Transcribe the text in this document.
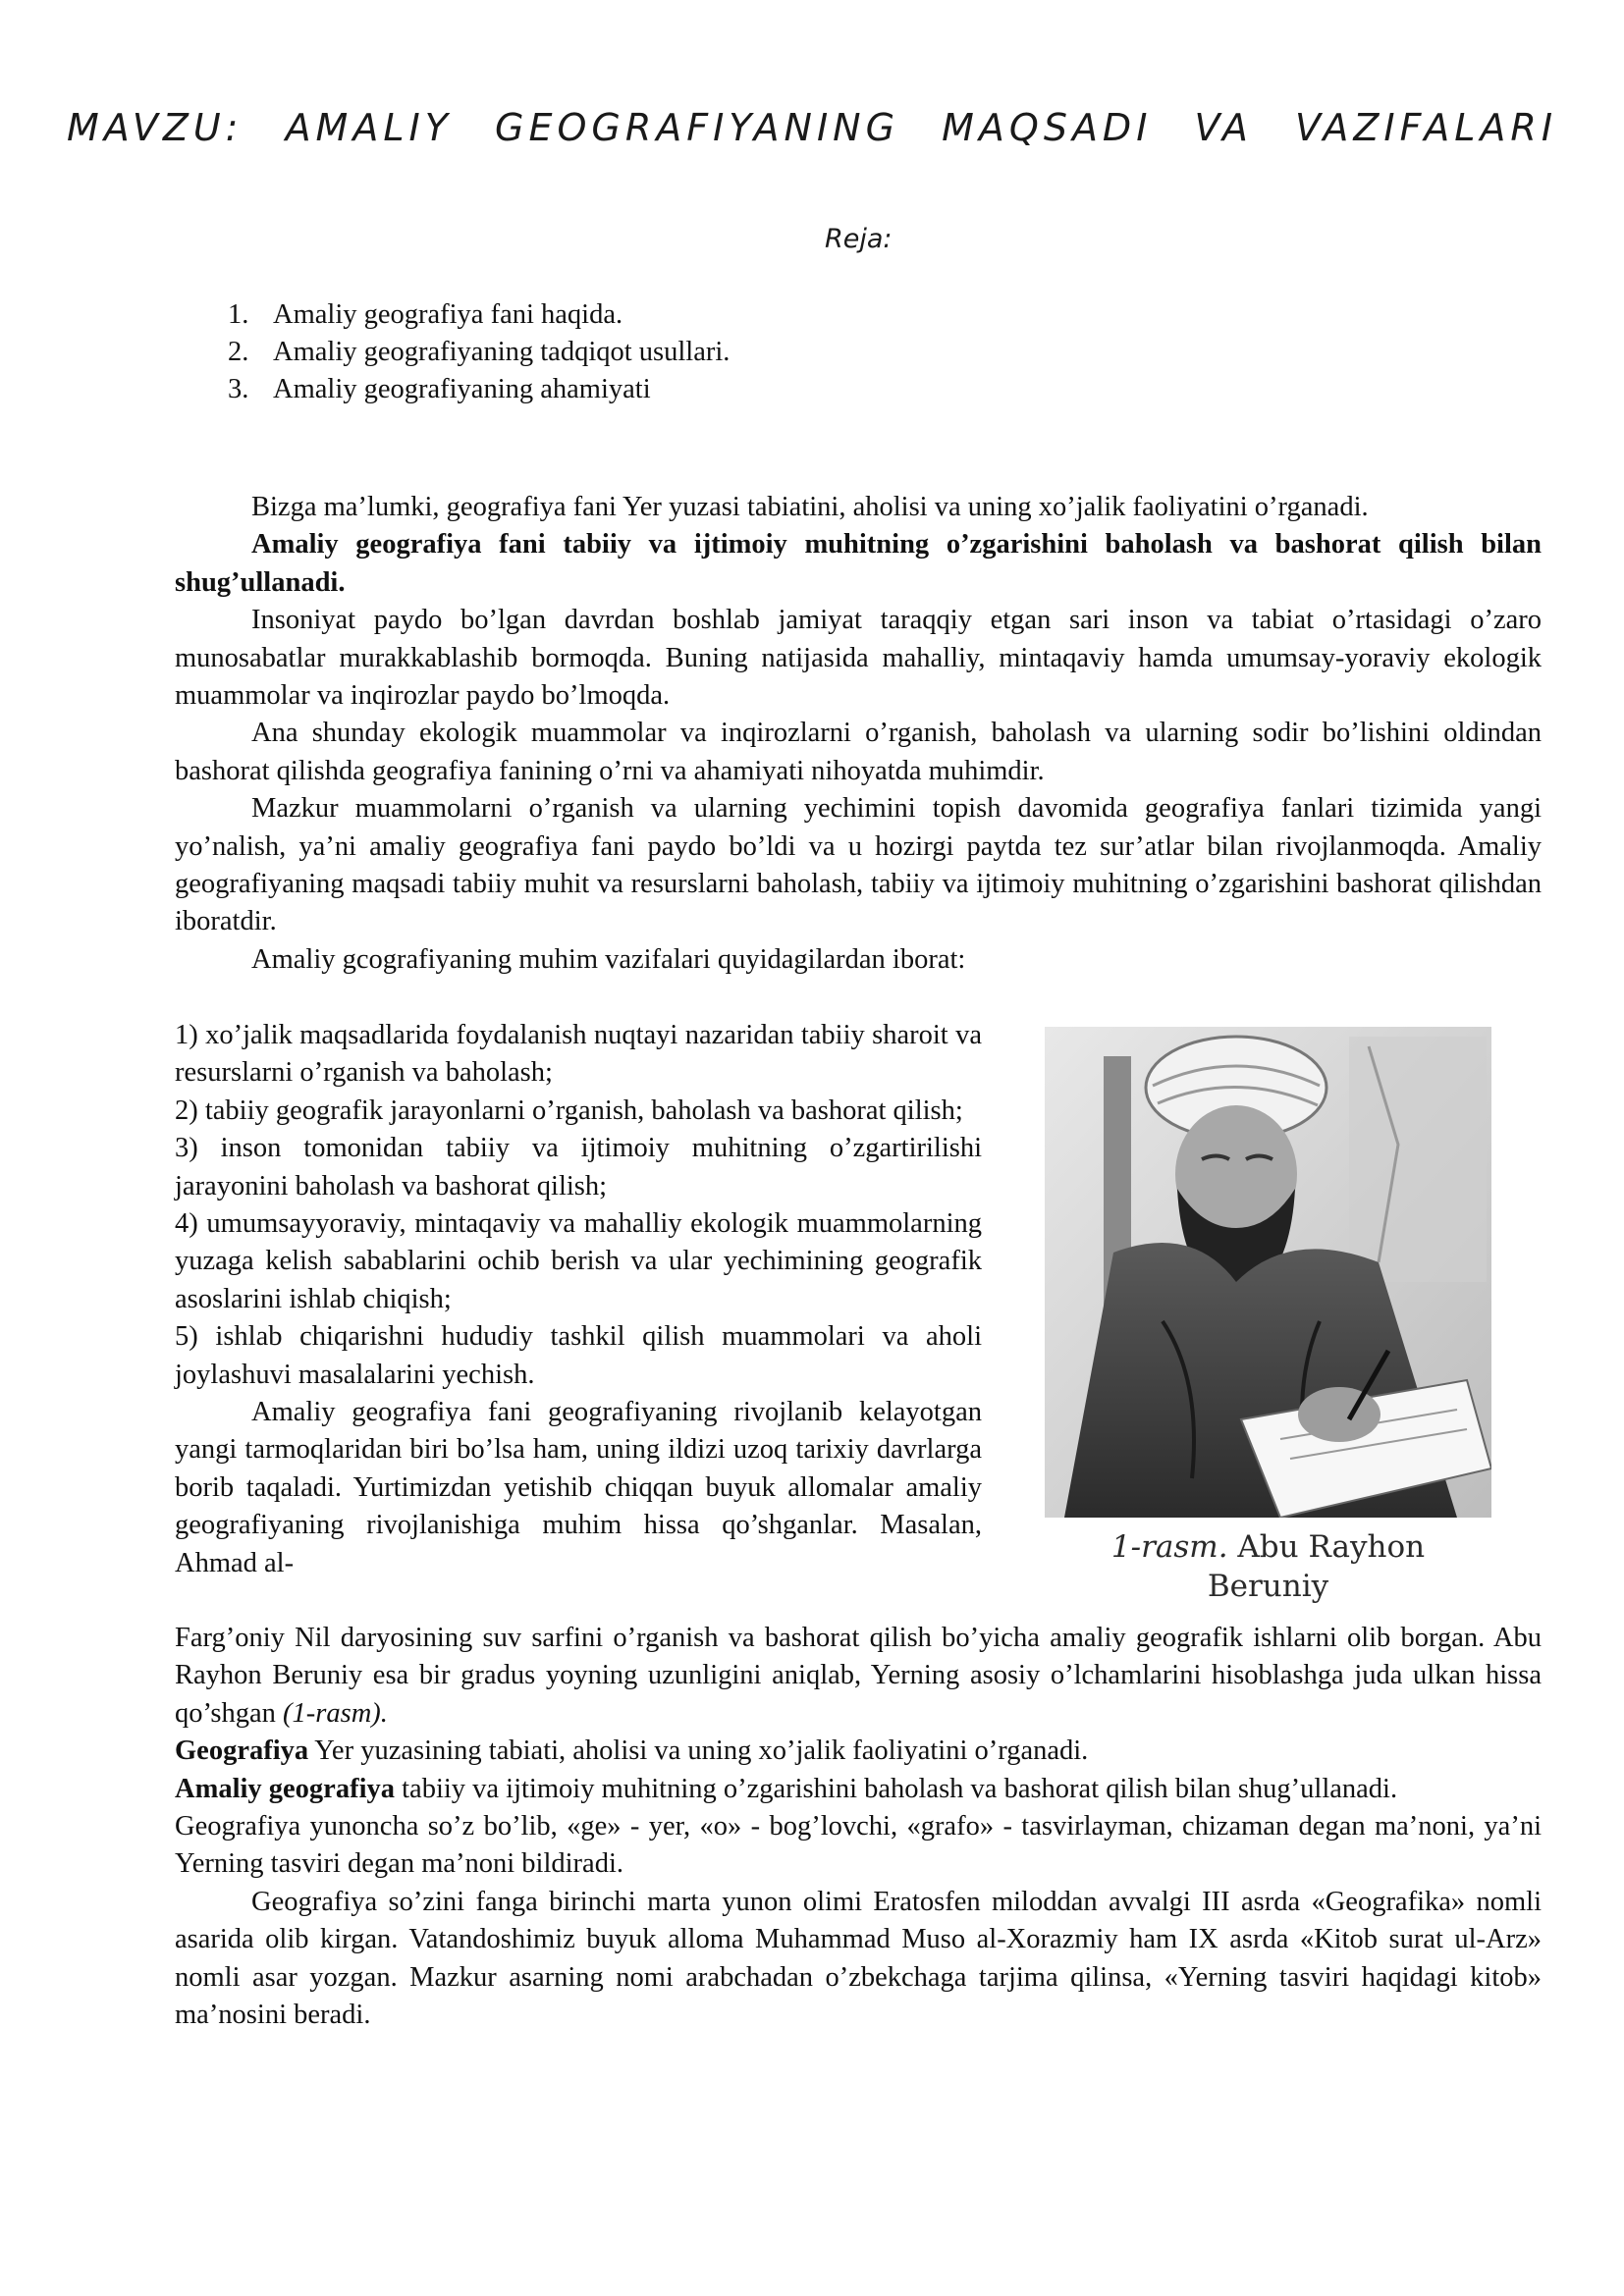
MAVZU: AMALIY GEOGRAFIYANING MAQSADI VA VAZIFALARI
Reja:
1. Amaliy geografiya fani haqida.
2. Amaliy geografiyaning tadqiqot usullari.
3. Amaliy geografiyaning ahamiyati

Bizga ma’lumki, geografiya fani Yer yuzasi tabiatini, aholisi va uning xo’jalik faoliyatini o’rganadi.

Amaliy geografiya fani tabiiy va ijtimoiy muhitning o’zgarishini baholash va bashorat qilish bilan shug’ullanadi.

Insoniyat paydo bo’lgan davrdan boshlab jamiyat taraqqiy etgan sari inson va tabiat o’rtasidagi o’zaro munosabatlar murakkablashib bormoqda. Buning natijasida mahalliy, mintaqaviy hamda umumsay-yoraviy ekologik muammolar va inqirozlar paydo bo’lmoqda.

Ana shunday ekologik muammolar va inqirozlarni o’rganish, baholash va ularning sodir bo’lishini oldindan bashorat qilishda geografiya fanining o’rni va ahamiyati nihoyatda muhimdir.

Mazkur muammolarni o’rganish va ularning yechimini topish davomida geografiya fanlari tizimida yangi yo’nalish, ya’ni amaliy geografiya fani paydo bo’ldi va u hozirgi paytda tez sur’atlar bilan rivojlanmoqda. Amaliy geografiyaning maqsadi tabiiy muhit va resurslarni baholash, tabiiy va ijtimoiy muhitning o’zgarishini bashorat qilishdan iboratdir.

Amaliy gcografiyaning muhim vazifalari quyidagilardan iborat:

1) xo’jalik maqsadlarida foydalanish nuqtayi nazaridan tabiiy sharoit va resurslarni o’rganish va baholash;

2) tabiiy geografik jarayonlarni o’rganish, baholash va bashorat qilish;

3) inson tomonidan tabiiy va ijtimoiy muhitning o’zgartirilishi jarayonini baholash va bashorat qilish;

4) umumsayyoraviy, mintaqaviy va mahalliy ekologik muammolarning yuzaga kelish sabablarini ochib berish va ular yechimining geografik asoslarini ishlab chiqish;

5) ishlab chiqarishni hududiy tashkil qilish muammolari va aholi joylashuvi masalalarini yechish.

Amaliy geografiya fani geografiyaning rivojlanib kelayotgan yangi tarmoqlaridan biri bo’lsa ham, uning ildizi uzoq tarixiy davrlarga borib taqaladi. Yurtimizdan yetishib chiqqan buyuk allomalar amaliy geografiyaning rivojlanishiga muhim hissa qo’shganlar. Masalan, Ahmad al-	1-rasm. Abu Rayhon
Beruniy

Farg’oniy Nil daryosining suv sarfini o’rganish va bashorat qilish bo’yicha amaliy geografik ishlarni olib borgan. Abu Rayhon Beruniy esa bir gradus yoyning uzunligini aniqlab, Yerning asosiy o’lchamlarini hisoblashga juda ulkan hissa qo’shgan (1-rasm).

Geografiya Yer yuzasining tabiati, aholisi va uning xo’jalik faoliyatini o’rganadi.

Amaliy geografiya tabiiy va ijtimoiy muhitning o’zgarishini baholash va bashorat qilish bilan shug’ullanadi.

Geografiya yunoncha so’z bo’lib, «ge» - yer, «o» - bog’lovchi, «grafo» - tasvirlayman, chizaman degan ma’noni, ya’ni Yerning tasviri degan ma’noni bildiradi.

Geografiya so’zini fanga birinchi marta yunon olimi Eratosfen miloddan avvalgi III asrda «Geografika» nomli asarida olib kirgan. Vatandoshimiz buyuk alloma Muhammad Muso al-Xorazmiy ham IX asrda «Kitob surat ul-Arz» nomli asar yozgan. Mazkur asarning nomi arabchadan o’zbekchaga tarjima qilinsa, «Yerning tasviri haqidagi kitob» ma’nosini beradi.
